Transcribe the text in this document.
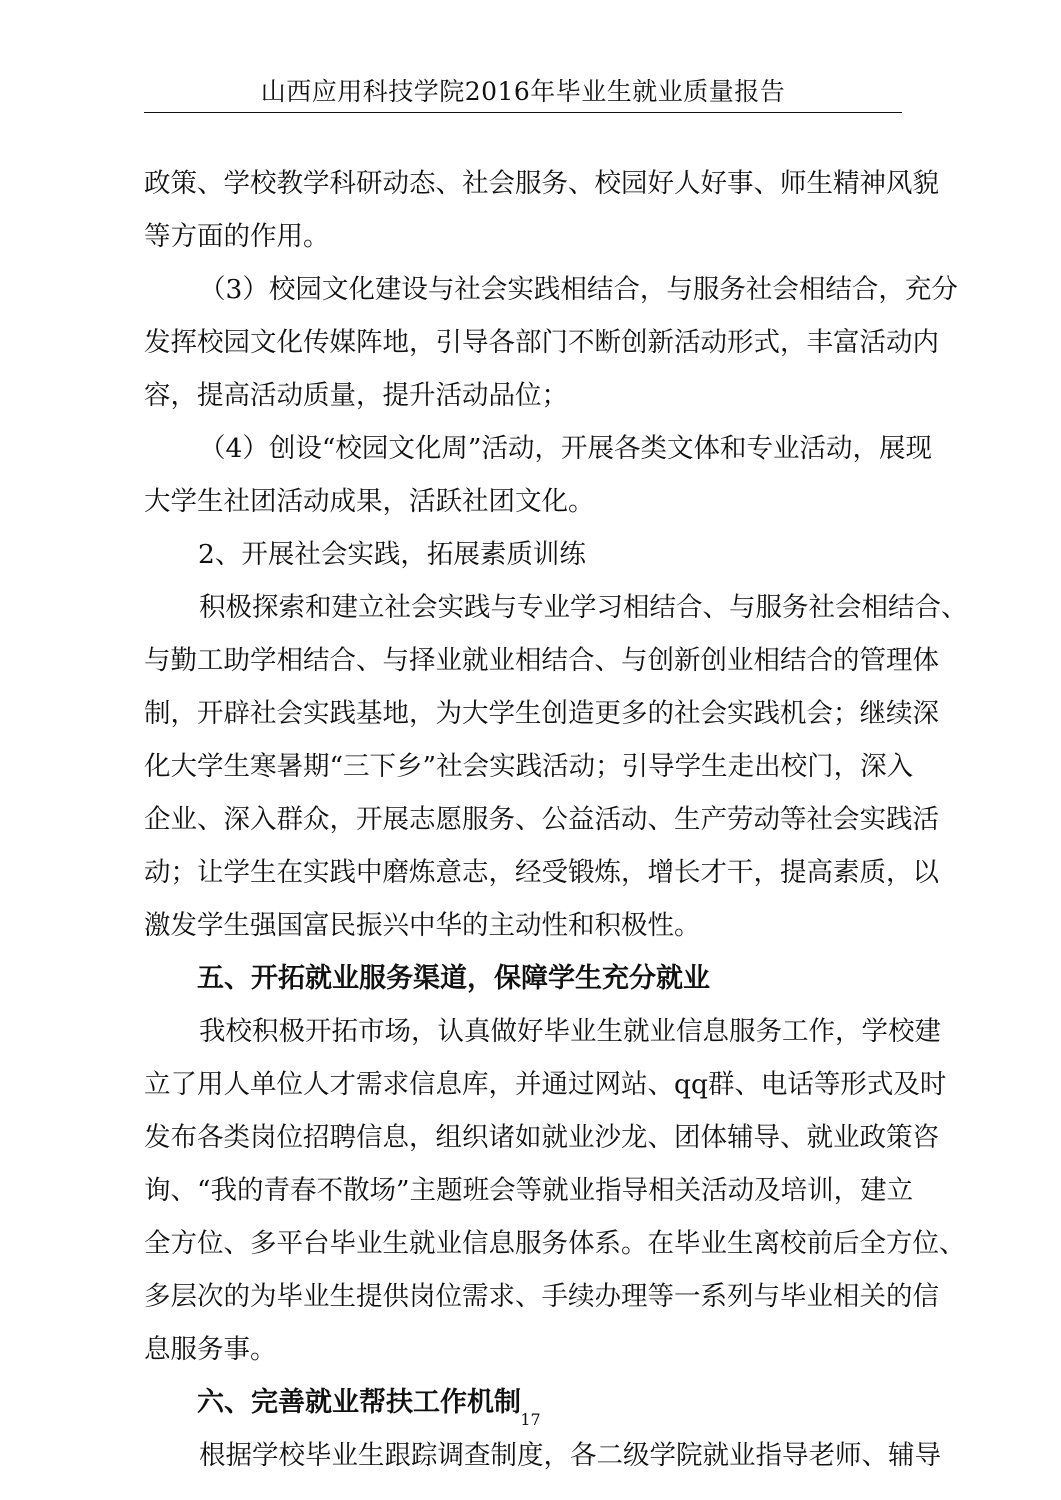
山西应用科技学院2016年毕业生就业质量报告
政策、学校教学科研动态、社会服务、校园好人好事、师生精神风貌
等方面的作用。
（3）校园文化建设与社会实践相结合，与服务社会相结合，充分
发挥校园文化传媒阵地，引导各部门不断创新活动形式，丰富活动内
容，提高活动质量，提升活动品位；
（4）创设“校园文化周”活动，开展各类文体和专业活动，展现
大学生社团活动成果，活跃社团文化。
2、开展社会实践，拓展素质训练
积极探索和建立社会实践与专业学习相结合、与服务社会相结合、
与勤工助学相结合、与择业就业相结合、与创新创业相结合的管理体
制，开辟社会实践基地，为大学生创造更多的社会实践机会；继续深
化大学生寒暑期“三下乡”社会实践活动；引导学生走出校门，深入
企业、深入群众，开展志愿服务、公益活动、生产劳动等社会实践活
动；让学生在实践中磨炼意志，经受锻炼，增长才干，提高素质，以
激发学生强国富民振兴中华的主动性和积极性。
五、开拓就业服务渠道，保障学生充分就业
我校积极开拓市场，认真做好毕业生就业信息服务工作，学校建
立了用人单位人才需求信息库，并通过网站、qq群、电话等形式及时
发布各类岗位招聘信息，组织诸如就业沙龙、团体辅导、就业政策咨
询、“我的青春不散场”主题班会等就业指导相关活动及培训，建立
全方位、多平台毕业生就业信息服务体系。在毕业生离校前后全方位、
多层次的为毕业生提供岗位需求、手续办理等一系列与毕业相关的信
息服务事。
六、完善就业帮扶工作机制
根据学校毕业生跟踪调查制度，各二级学院就业指导老师、辅导
17
